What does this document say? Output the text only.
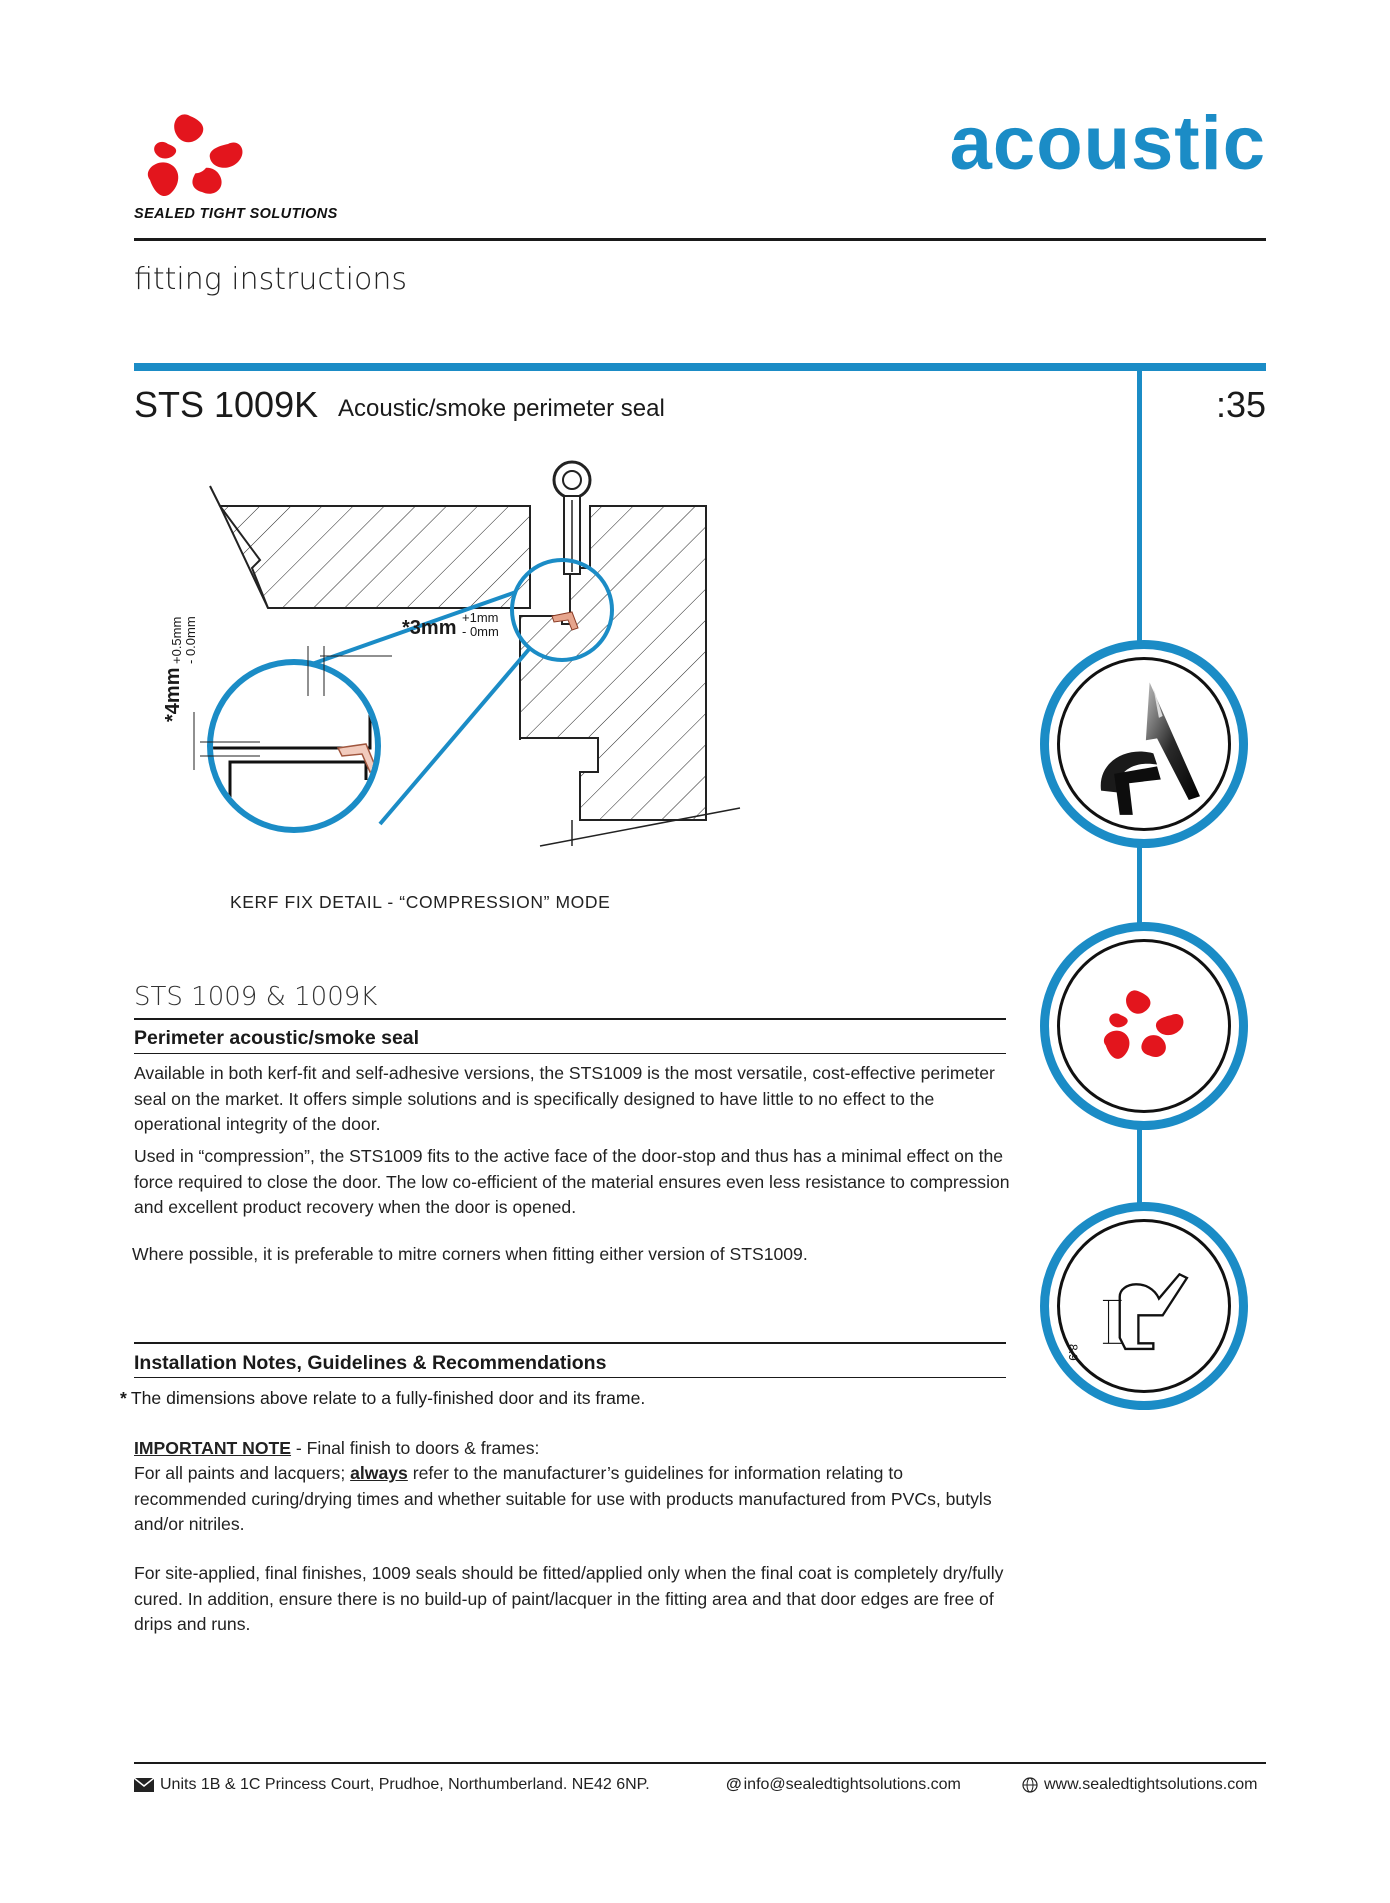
SEALED TIGHT SOLUTIONS
acoustic
fitting instructions
STS 1009K Acoustic/smoke perimeter seal	:35
*3mm +1mm
- 0mm
*4mm
+0.5mm - 0.0mm
KERF FIX DETAIL - “COMPRESSION” MODE
8.9
STS 1009 & 1009K
Perimeter acoustic/smoke seal

Available in both kerf-fit and self-adhesive versions, the STS1009 is the most versatile, cost-effective perimeter seal on the market. It offers simple solutions and is specifically designed to have little to no effect to the operational integrity of the door.

Used in “compression”, the STS1009 fits to the active face of the door-stop and thus has a minimal effect on the force required to close the door. The low co-efficient of the material ensures even less resistance to compression and excellent product recovery when the door is opened.

Where possible, it is preferable to mitre corners when fitting either version of STS1009.

Installation Notes, Guidelines & Recommendations
* The dimensions above relate to a fully-finished door and its frame.
IMPORTANT NOTE - Final finish to doors & frames:

For all paints and lacquers; always refer to the manufacturer’s guidelines for information relating to recommended curing/drying times and whether suitable for use with products manufactured from PVCs, butyls and/or nitriles.

For site-applied, final finishes, 1009 seals should be fitted/applied only when the final coat is completely dry/fully cured. In addition, ensure there is no build-up of paint/lacquer in the fitting area and that door edges are free of drips and runs.

Units 1B & 1C Princess Court, Prudhoe, Northumberland. NE42 6NP.	@ info@sealedtightsolutions.com	www.sealedtightsolutions.com
